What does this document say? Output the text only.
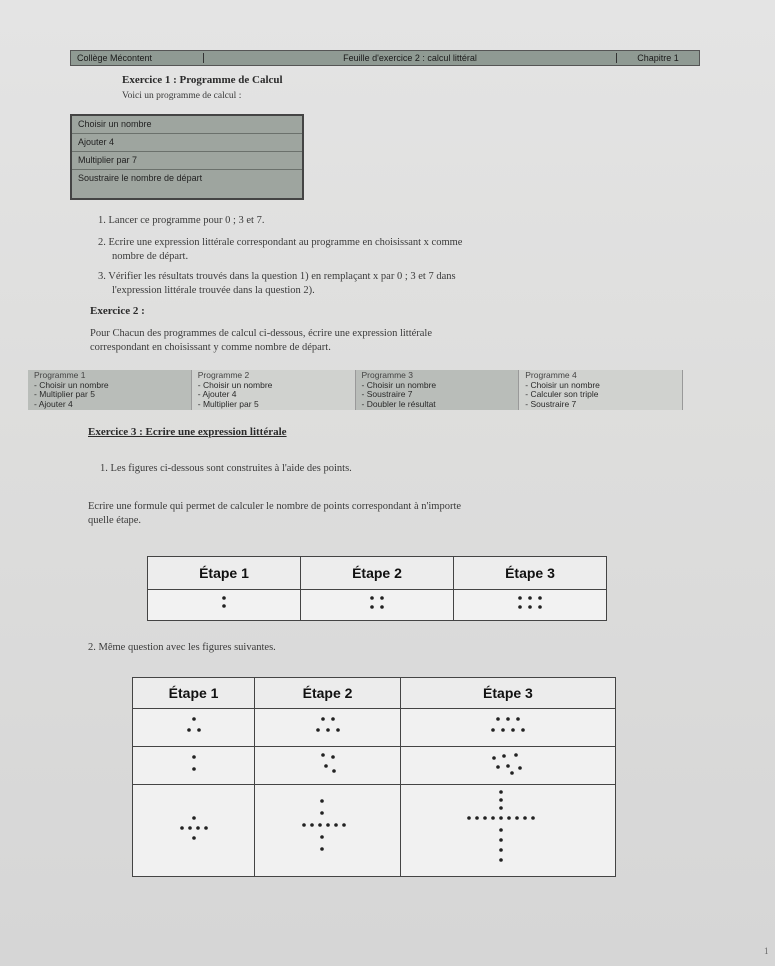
Collège Mécontent	Feuille d'exercice 2 : calcul littéral	Chapitre 1
Exercice 1 : Programme de Calcul
Voici un programme de calcul :
Choisir un nombre
Ajouter 4
Multiplier par 7
Soustraire le nombre de départ
1. Lancer ce programme pour 0 ; 3 et 7.
2. Ecrire une expression littérale correspondant au programme en choisissant x comme
nombre de départ.
3. Vérifier les résultats trouvés dans la question 1) en remplaçant x par 0 ; 3 et 7 dans
l'expression littérale trouvée dans la question 2).
Exercice 2 :
Pour Chacun des programmes de calcul ci-dessous, écrire une expression littérale
correspondant en choisissant y comme nombre de départ.
Programme 1
- Choisir un nombre
- Multiplier par 5
- Ajouter 4
Programme 2
- Choisir un nombre
- Ajouter 4
- Multiplier par 5
Programme 3
- Choisir un nombre
- Soustraire 7
- Doubler le résultat
Programme 4
- Choisir un nombre
- Calculer son triple
- Soustraire 7
Exercice 3 : Ecrire une expression littérale
1. Les figures ci-dessous sont construites à l'aide des points.
Ecrire une formule qui permet de calculer le nombre de points correspondant à n'importe
quelle étape.
Étape 1	Étape 2	Étape 3

2. Même question avec les figures suivantes.
Étape 1	Étape 2	Étape 3

1
